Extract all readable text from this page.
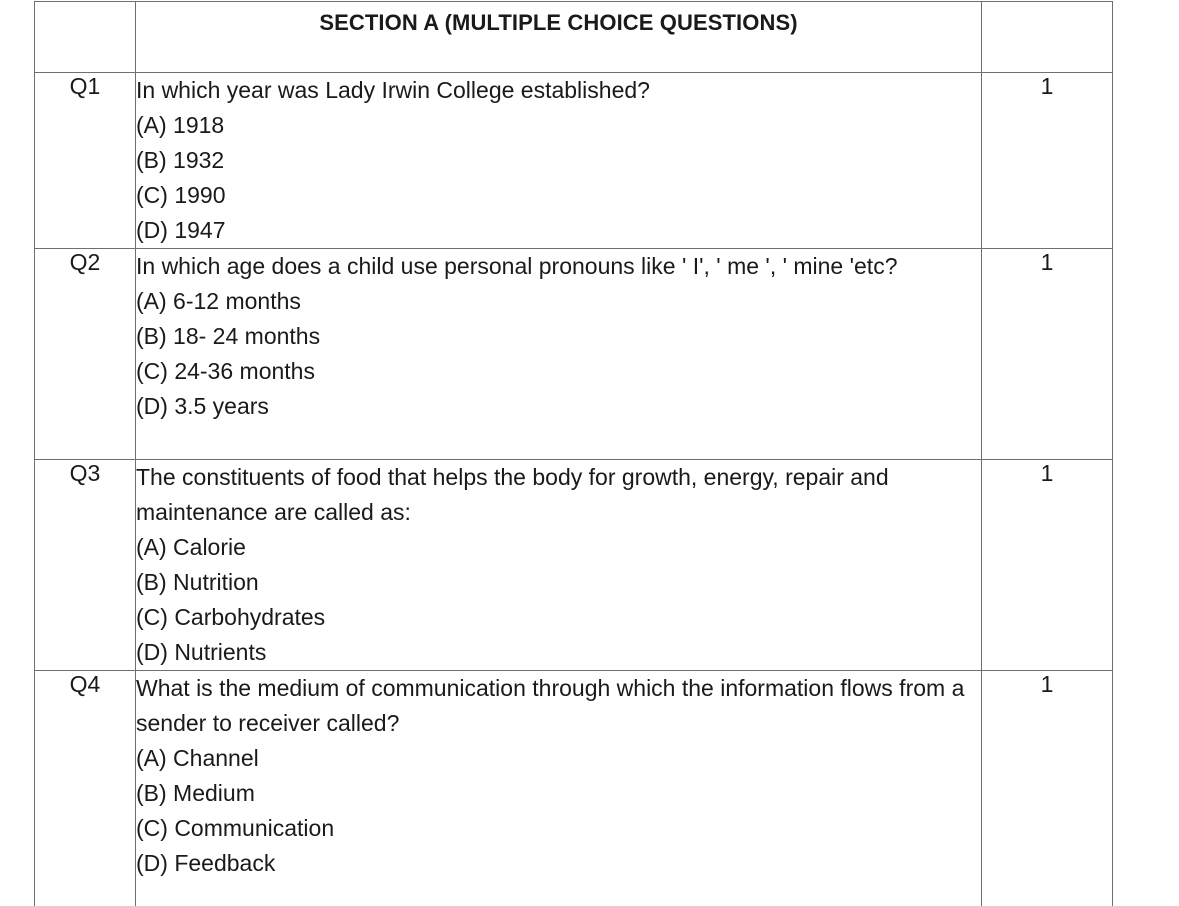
	SECTION A (MULTIPLE CHOICE QUESTIONS)	

Q1	In which year was Lady Irwin College established?
(A) 1918
(B) 1932
(C) 1990
(D) 1947	1
Q2	In which age does a child use personal pronouns like ' I', ' me ', ' mine 'etc?
(A) 6-12 months
(B) 18- 24 months
(C) 24-36 months
(D) 3.5 years	1
Q3	The constituents of food that helps the body for growth, energy, repair and maintenance are called as:
(A) Calorie
(B) Nutrition
(C) Carbohydrates
(D) Nutrients	1
Q4	What is the medium of communication through which the information flows from a sender to receiver called?
(A) Channel
(B) Medium
(C) Communication
(D) Feedback	1
